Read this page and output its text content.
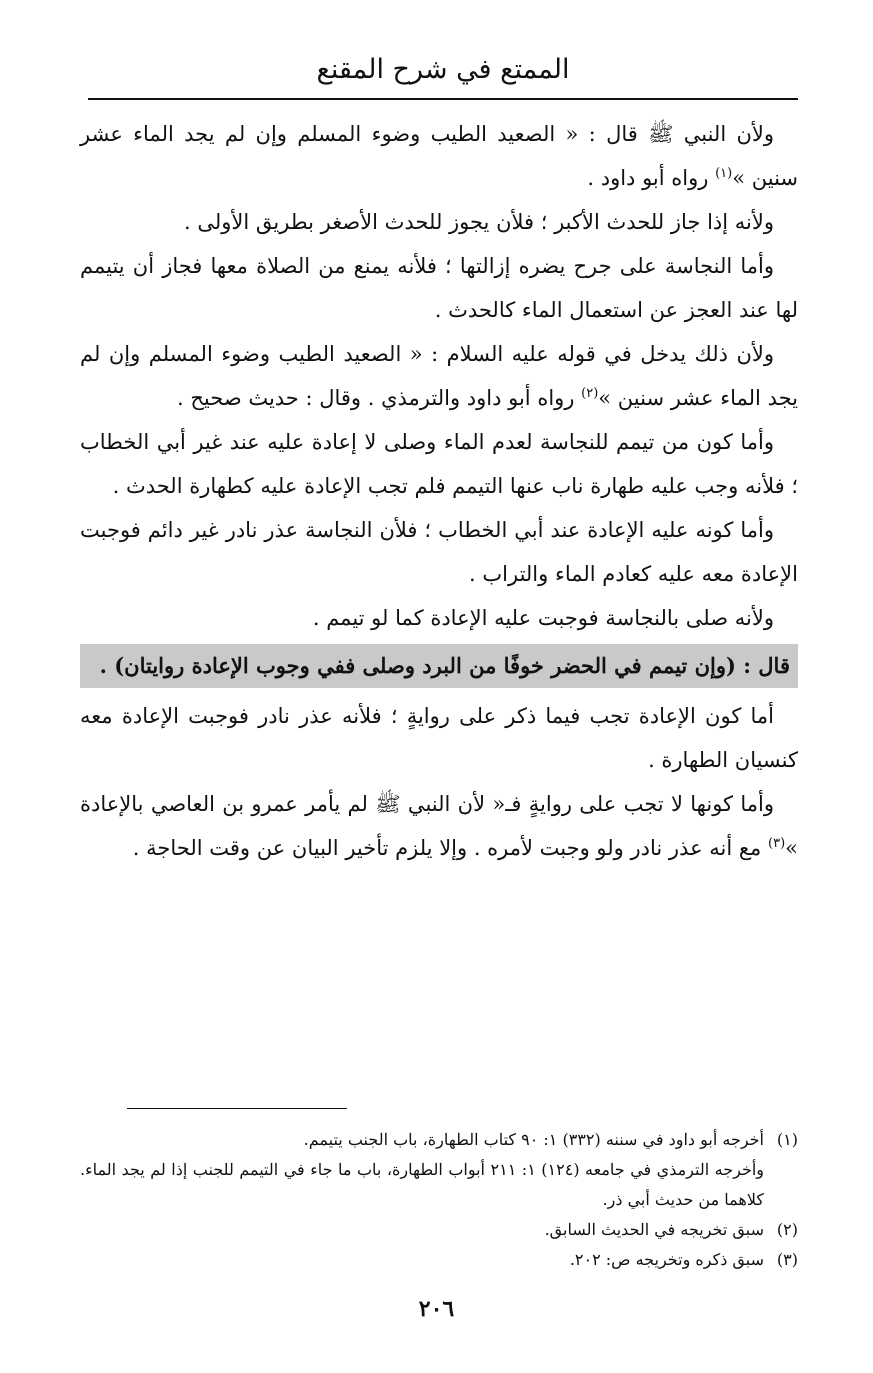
الممتع في شرح المقنع

ولأن النبي ﷺ قال : « الصعيد الطيب وضوء المسلم وإن لم يجد الماء عشر سنين »$^{(١)}$ رواه أبو داود .

ولأنه إذا جاز للحدث الأكبر ؛ فلأن يجوز للحدث الأصغر بطريق الأولى .

وأما النجاسة على جرح يضره إزالتها ؛ فلأنه يمنع من الصلاة معها فجاز أن يتيمم لها عند العجز عن استعمال الماء كالحدث .

ولأن ذلك يدخل في قوله عليه السلام : « الصعيد الطيب وضوء المسلم وإن لم يجد الماء عشر سنين »$^{(٢)}$ رواه أبو داود والترمذي . وقال : حديث صحيح .

وأما كون من تيمم للنجاسة لعدم الماء وصلى لا إعادة عليه عند غير أبي الخطاب ؛ فلأنه وجب عليه طهارة ناب عنها التيمم فلم تجب الإعادة عليه كطهارة الحدث .

وأما كونه عليه الإعادة عند أبي الخطاب ؛ فلأن النجاسة عذر نادر غير دائم فوجبت الإعادة معه عليه كعادم الماء والتراب .

ولأنه صلى بالنجاسة فوجبت عليه الإعادة كما لو تيمم .

قال : (وإن تيمم في الحضر خوفًا من البرد وصلى ففي وجوب الإعادة روايتان) .

أما كون الإعادة تجب فيما ذكر على روايةٍ ؛ فلأنه عذر نادر فوجبت الإعادة معه كنسيان الطهارة .

وأما كونها لا تجب على روايةٍ فـ« لأن النبي ﷺ لم يأمر عمرو بن العاصي بالإعادة »$^{(٣)}$ مع أنه عذر نادر ولو وجبت لأمره . وإلا يلزم تأخير البيان عن وقت الحاجة .

(١)
أخرجه أبو داود في سننه (٣٣٢) ١: ٩٠ كتاب الطهارة، باب الجنب يتيمم.

وأخرجه الترمذي في جامعه (١٢٤) ١: ٢١١ أبواب الطهارة، باب ما جاء في التيمم للجنب إذا لم يجد الماء. كلاهما من حديث أبي ذر.

(٢)
سبق تخريجه في الحديث السابق.

(٣)
سبق ذكره وتخريجه ص: ٢٠٢.

٢٠٦
